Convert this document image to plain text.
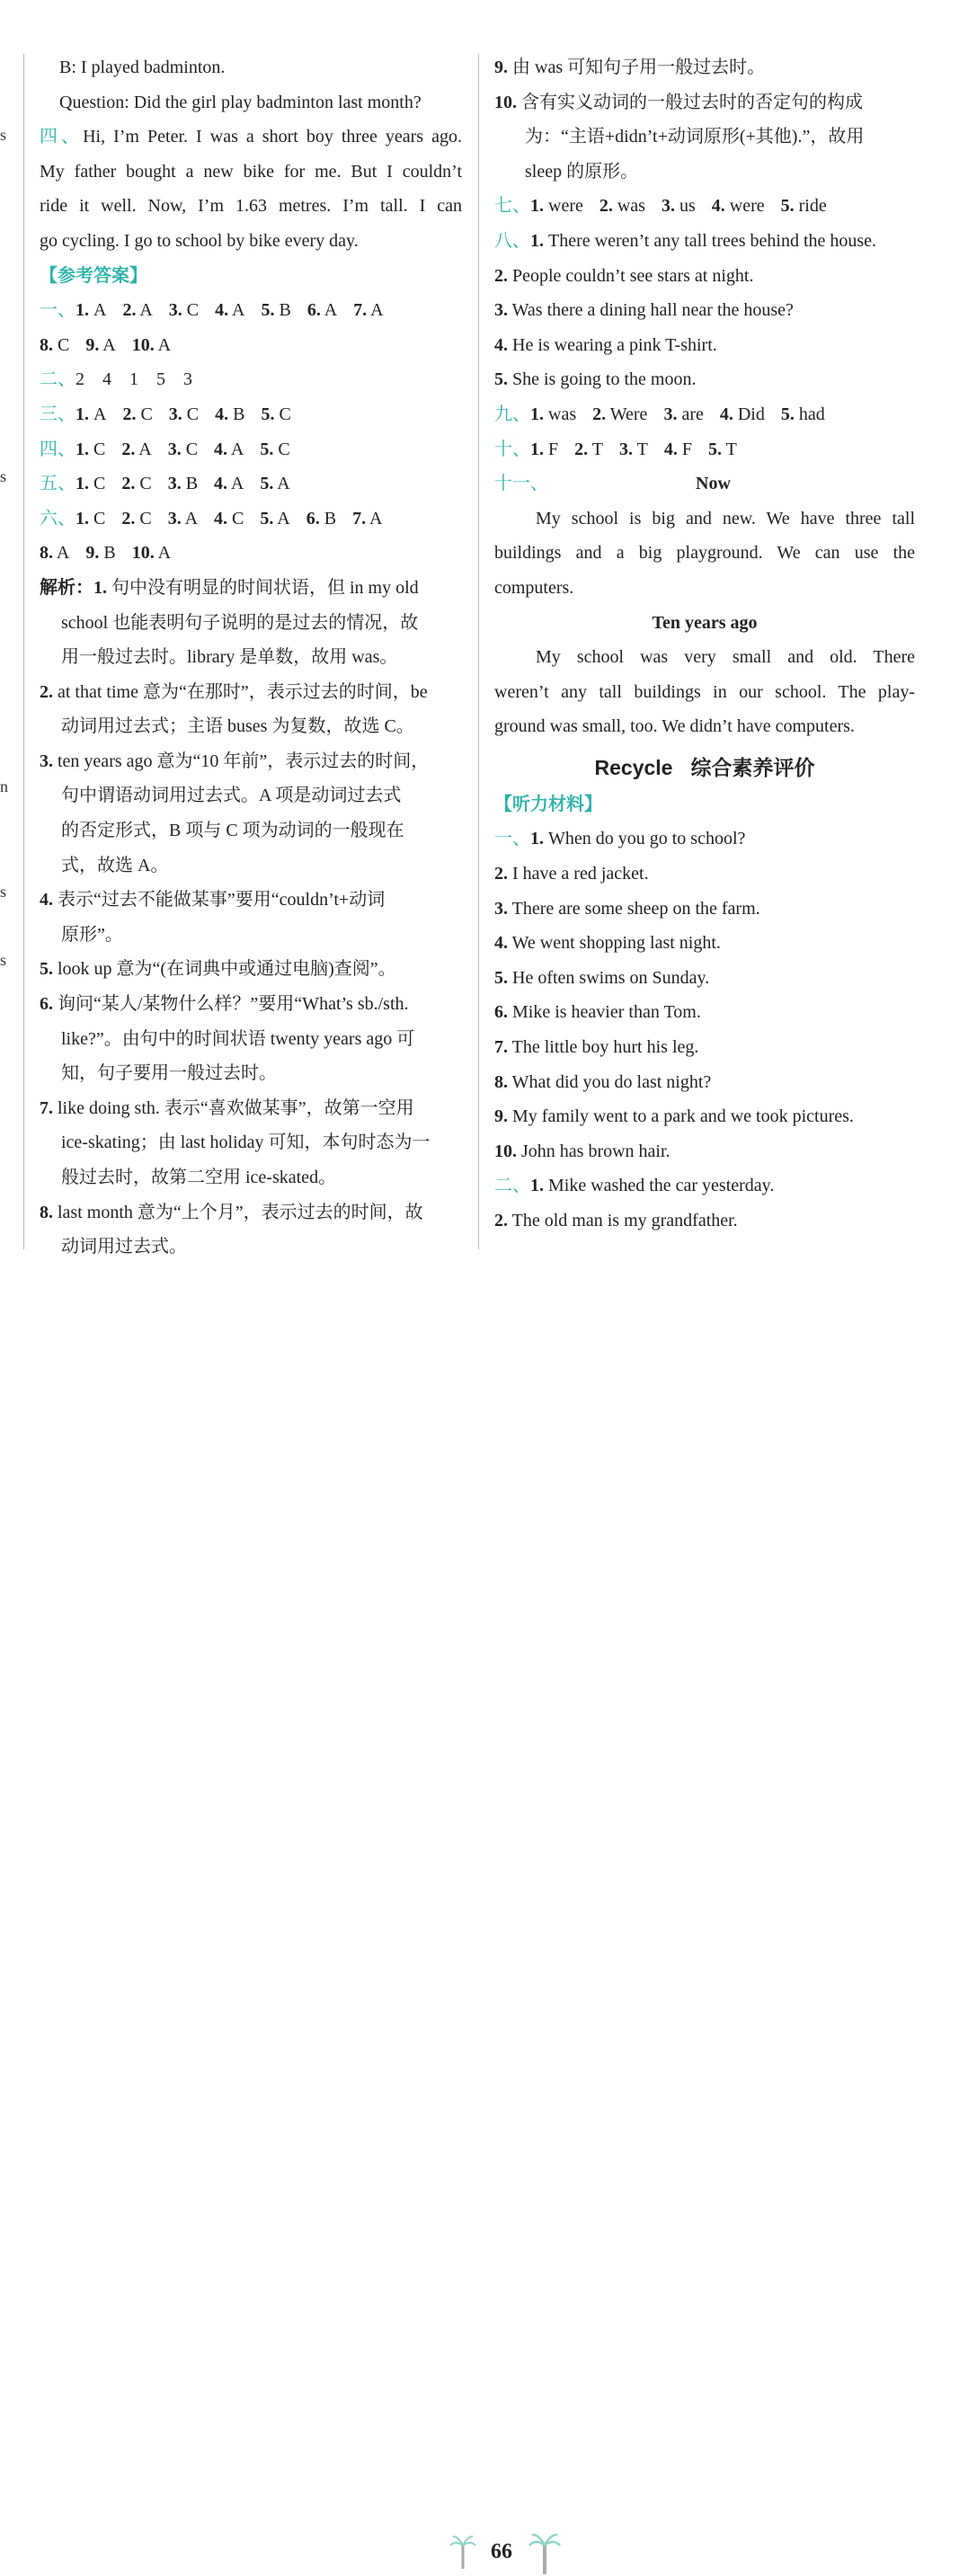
s
s
n
s
s
B: I played badminton.
Question: Did the girl play badminton last month?
四、Hi, I’m Peter. I was a short boy three years ago.
My father bought a new bike for me. But I couldn’t
ride it well. Now, I’m 1.63 metres. I’m tall. I can
go cycling. I go to school by bike every day.
【参考答案】
一、1. A 2. A 3. C 4. A 5. B 6. A 7. A
8. C 9. A 10. A
二、2　4　1　5　3
三、1. A 2. C 3. C 4. B 5. C
四、1. C 2. A 3. C 4. A 5. C
五、1. C 2. C 3. B 4. A 5. A
六、1. C 2. C 3. A 4. C 5. A 6. B 7. A
8. A 9. B 10. A
解析：1. 句中没有明显的时间状语，但 in my old
school 也能表明句子说明的是过去的情况，故
用一般过去时。library 是单数，故用 was。
2. at that time 意为“在那时”，表示过去的时间，be
动词用过去式；主语 buses 为复数，故选 C。
3. ten years ago 意为“10 年前”，表示过去的时间，
句中谓语动词用过去式。A 项是动词过去式
的否定形式，B 项与 C 项为动词的一般现在
式，故选 A。
4. 表示“过去不能做某事”要用“couldn’t+动词
原形”。
5. look up 意为“(在词典中或通过电脑)查阅”。
6. 询问“某人/某物什么样？”要用“What’s sb./sth.
like?”。由句中的时间状语 twenty years ago 可
知，句子要用一般过去时。
7. like doing sth. 表示“喜欢做某事”，故第一空用
ice-skating；由 last holiday 可知，本句时态为一
般过去时，故第二空用 ice-skated。
8. last month 意为“上个月”，表示过去的时间，故
动词用过去式。
9. 由 was 可知句子用一般过去时。
10. 含有实义动词的一般过去时的否定句的构成
为：“主语+didn’t+动词原形(+其他).”，故用
sleep 的原形。
七、1. were 2. was 3. us 4. were 5. ride
八、1. There weren’t any tall trees behind the house.
2. People couldn’t see stars at night.
3. Was there a dining hall near the house?
4. He is wearing a pink T-shirt.
5. She is going to the moon.
九、1. was 2. Were 3. are 4. Did 5. had
十、1. F 2. T 3. T 4. F 5. T
十一、	Now
My school is big and new. We have three tall
buildings and a big playground. We can use the
computers.
Ten years ago
My school was very small and old. There
weren’t any tall buildings in our school. The play-
ground was small, too. We didn’t have computers.
Recycle 综合素养评价
【听力材料】
一、1. When do you go to school?
2. I have a red jacket.
3. There are some sheep on the farm.
4. We went shopping last night.
5. He often swims on Sunday.
6. Mike is heavier than Tom.
7. The little boy hurt his leg.
8. What did you do last night?
9. My family went to a park and we took pictures.
10. John has brown hair.
二、1. Mike washed the car yesterday.
2. The old man is my grandfather.
66
